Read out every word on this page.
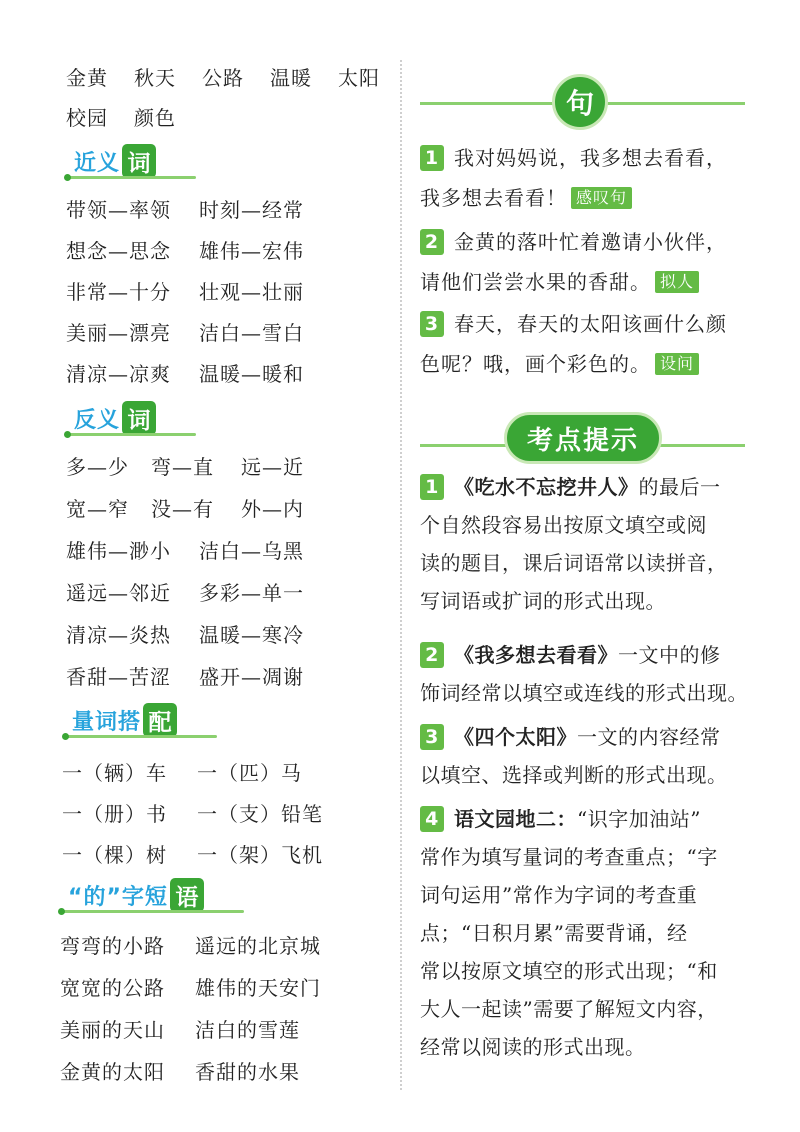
金黄 秋天 公路 温暖 太阳
校园 颜色
近义 词
带领—率领 时刻—经常
想念—思念 雄伟—宏伟
非常—十分 壮观—壮丽
美丽—漂亮 洁白—雪白
清凉—凉爽 温暖—暖和
反义 词
多—少 弯—直 远—近
宽—窄 没—有 外—内
雄伟—渺小 洁白—乌黑
遥远—邻近 多彩—单一
清凉—炎热 温暖—寒冷
香甜—苦涩 盛开—凋谢
量词搭 配
一（辆）车 一（匹）马
一（册）书 一（支）铅笔
一（棵）树 一（架）飞机
“的”字短 语
弯弯的小路 遥远的北京城
宽宽的公路 雄伟的天安门
美丽的天山 洁白的雪莲
金黄的太阳 香甜的水果
句
1 我对妈妈说，我多想去看看，
我多想去看看！ 感叹句
2 金黄的落叶忙着邀请小伙伴，
请他们尝尝水果的香甜。 拟人
3 春天，春天的太阳该画什么颜
色呢？哦，画个彩色的。 设问
考点提示
1 《吃水不忘挖井人》的最后一
个自然段容易出按原文填空或阅
读的题目，课后词语常以读拼音，
写词语或扩词的形式出现。
2 《我多想去看看》一文中的修
饰词经常以填空或连线的形式出现。
3 《四个太阳》一文的内容经常
以填空、选择或判断的形式出现。
4 语文园地二：“识字加油站”
常作为填写量词的考查重点；“字
词句运用”常作为字词的考查重
点；“日积月累”需要背诵，经
常以按原文填空的形式出现；“和
大人一起读”需要了解短文内容，
经常以阅读的形式出现。
